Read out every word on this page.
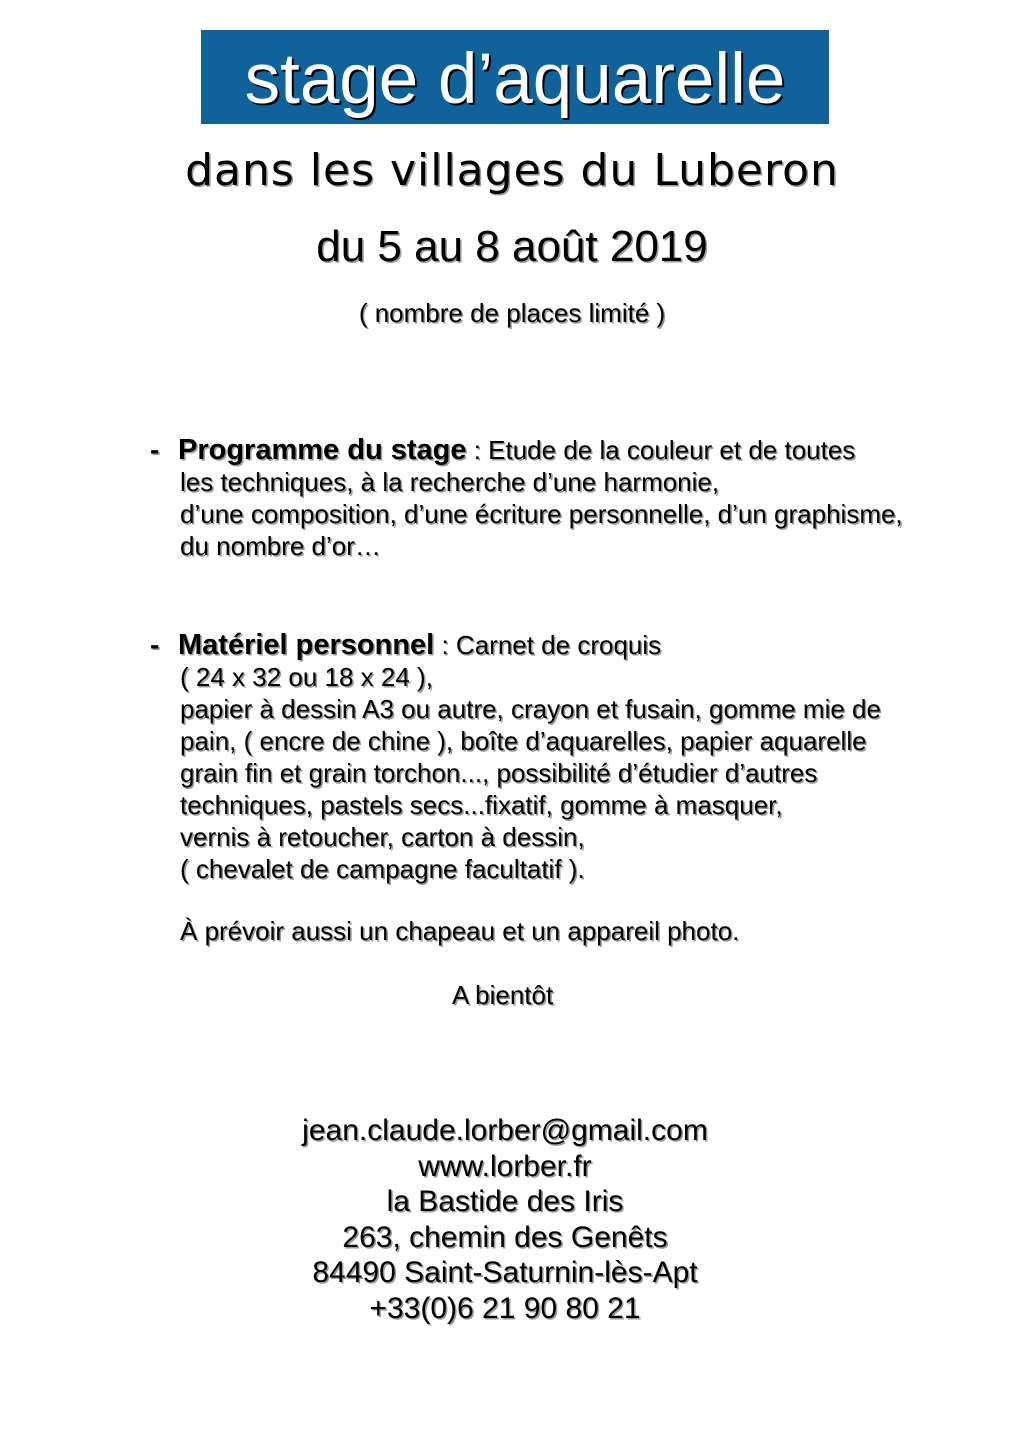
stage d’aquarelle
dans les villages du Luberon
du 5 au 8 août 2019
( nombre de places limité )
- Programme du stage : Etude de la couleur et de toutes
les techniques, à la recherche d’une harmonie,
d’une composition, d’une écriture personnelle, d’un graphisme,
du nombre d’or…
- Matériel personnel : Carnet de croquis
( 24 x 32 ou 18 x 24 ),
papier à dessin A3 ou autre, crayon et fusain, gomme mie de
pain, ( encre de chine ), boîte d’aquarelles, papier aquarelle
grain fin et grain torchon..., possibilité d’étudier d’autres
techniques, pastels secs...fixatif, gomme à masquer,
vernis à retoucher, carton à dessin,
( chevalet de campagne facultatif ).
À prévoir aussi un chapeau et un appareil photo.
A bientôt
jean.claude.lorber@gmail.com
www.lorber.fr
la Bastide des Iris
263, chemin des Genêts
84490 Saint-Saturnin-lès-Apt
+33(0)6 21 90 80 21
